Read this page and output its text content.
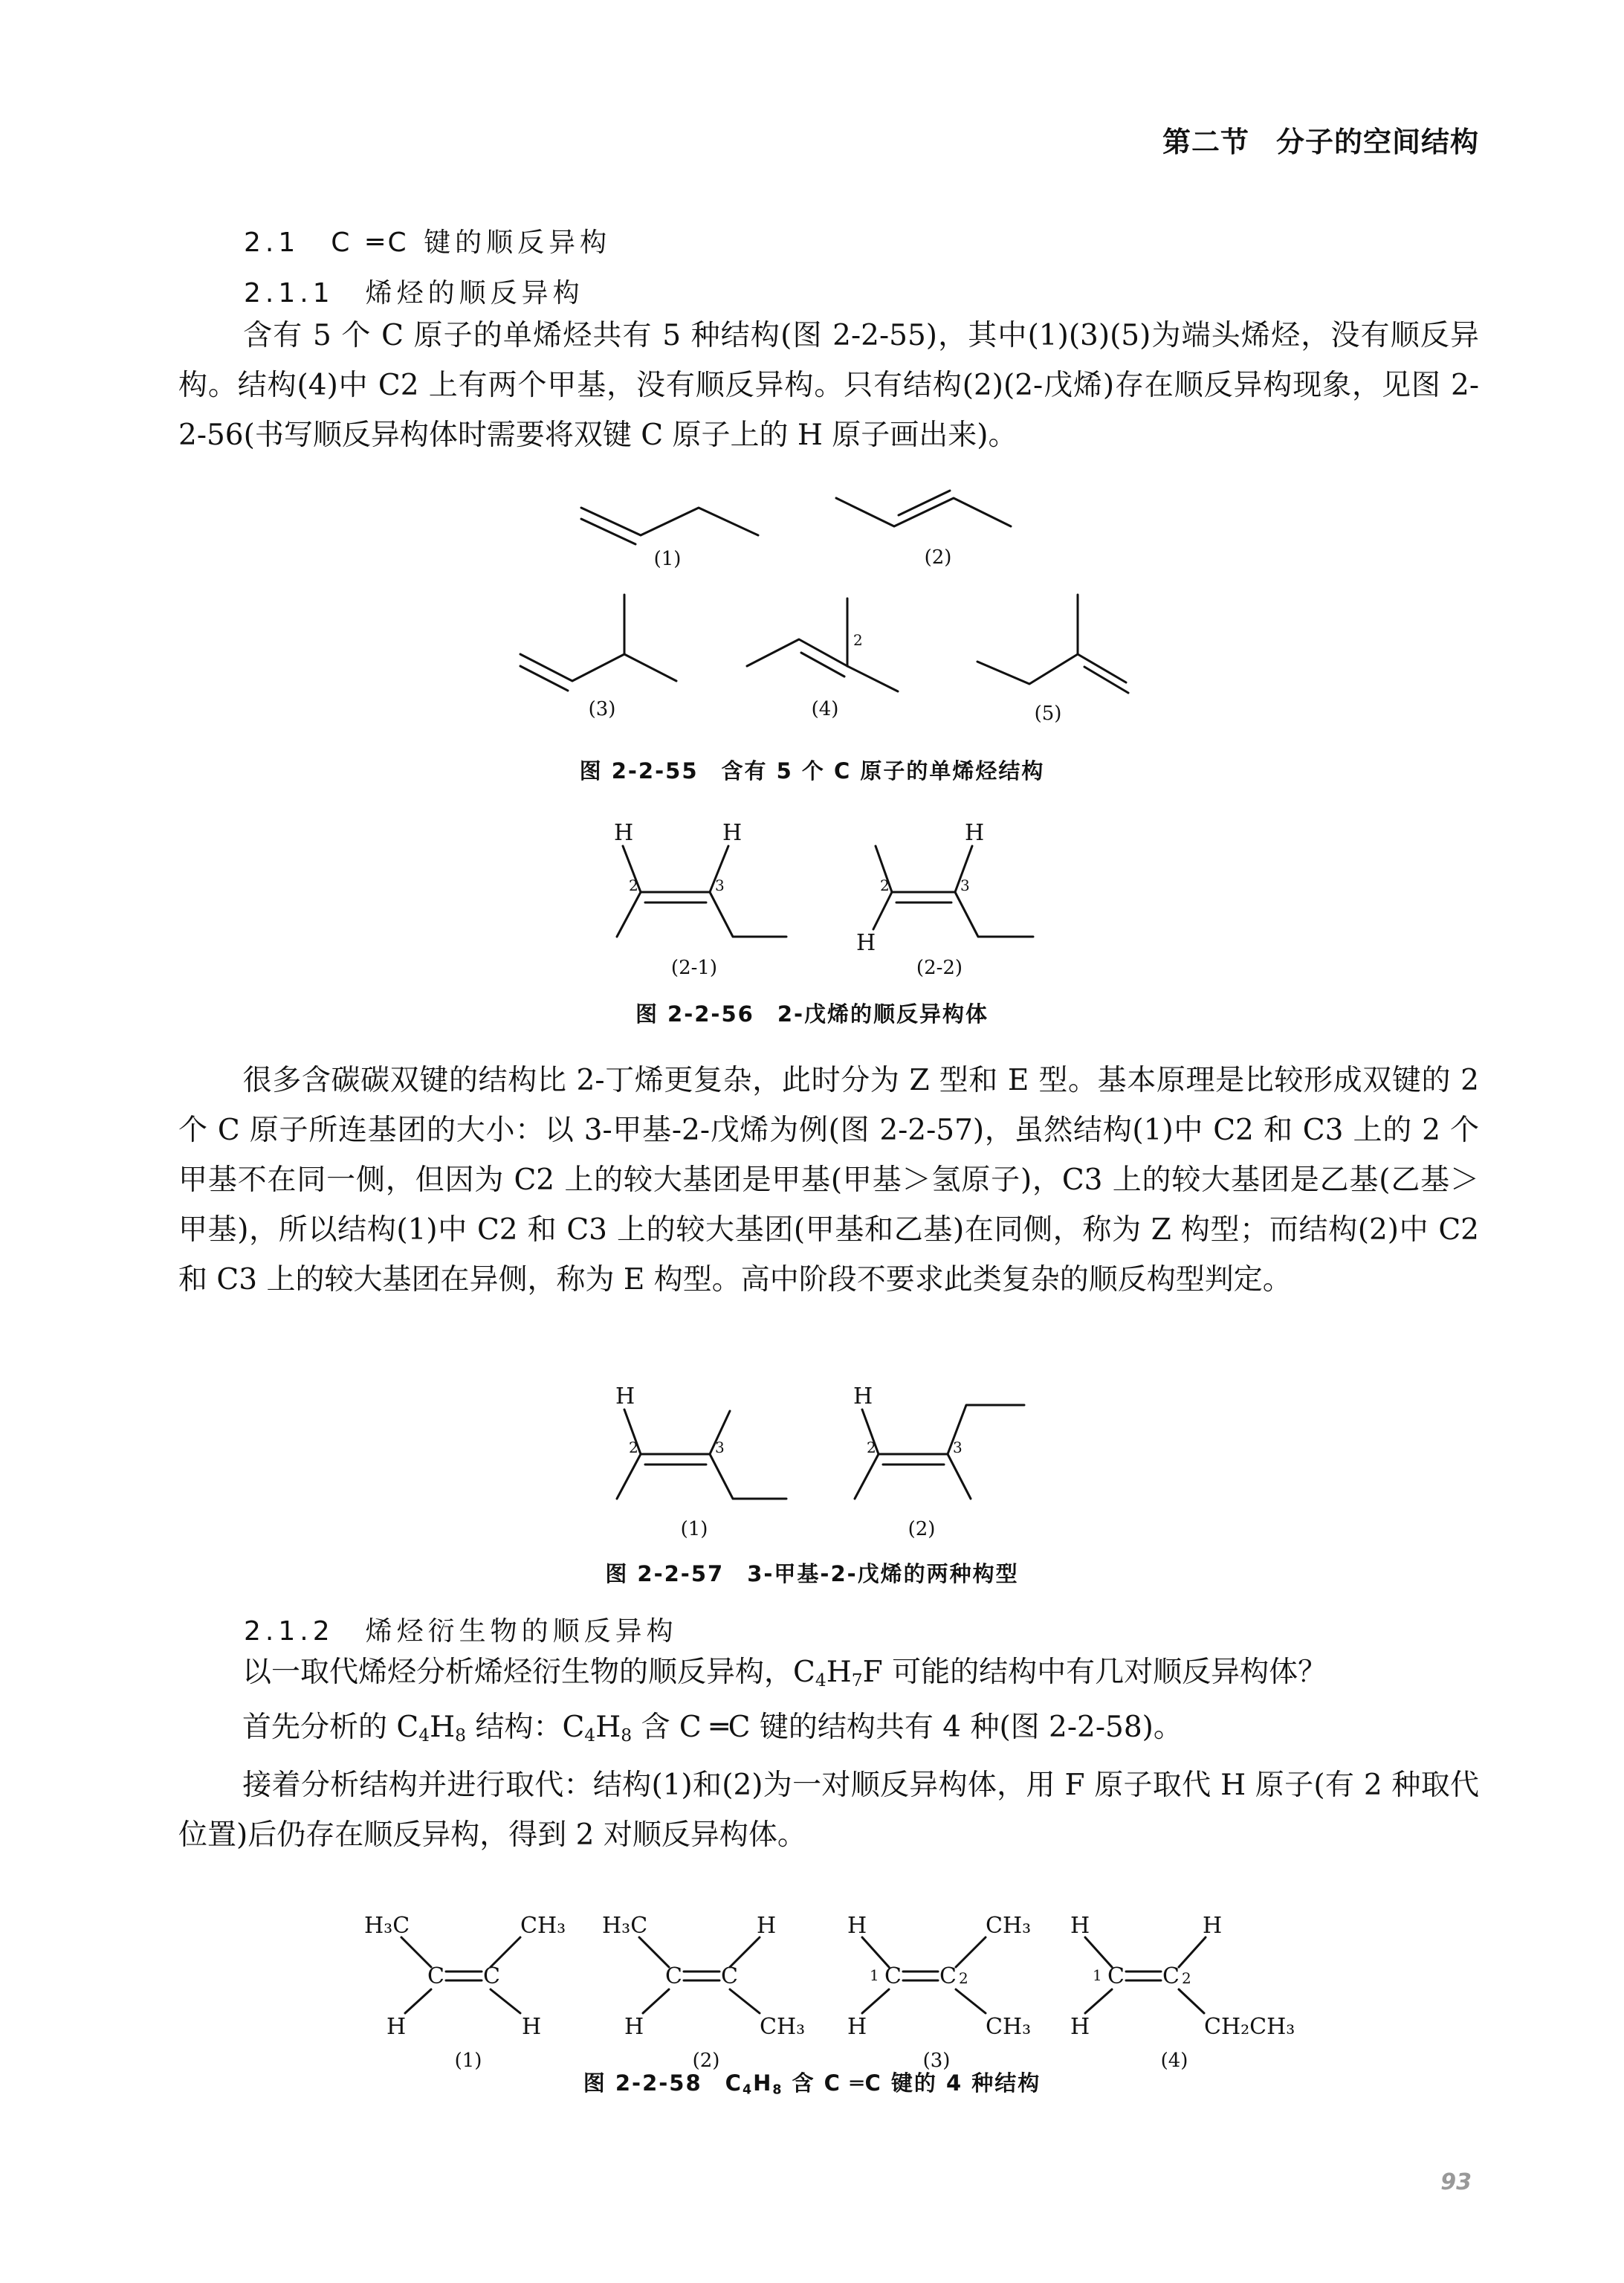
第二节 分子的空间结构
2.1　C ═C 键的顺反异构
2.1.1　烯烃的顺反异构
含有 5 个 C 原子的单烯烃共有 5 种结构(图 2-2-55)，其中(1)(3)(5)为端头烯烃，没有顺反异构。结构(4)中 C2 上有两个甲基，没有顺反异构。只有结构(2)(2-戊烯)存在顺反异构现象，见图 2-2-56(书写顺反异构体时需要将双键 C 原子上的 H 原子画出来)。
2
(1)	(2)
(3)	(4)	(5)
图 2-2-55　含有 5 个 C 原子的单烯烃结构
H	H
2	3
(2-1)
H
H
2	3
(2-2)
图 2-2-56　2-戊烯的顺反异构体
很多含碳碳双键的结构比 2-丁烯更复杂，此时分为 Z 型和 E 型。基本原理是比较形成双键的 2 个 C 原子所连基团的大小：以 3-甲基-2-戊烯为例(图 2-2-57)，虽然结构(1)中 C2 和 C3 上的 2 个甲基不在同一侧，但因为 C2 上的较大基团是甲基(甲基＞氢原子)，C3 上的较大基团是乙基(乙基＞甲基)，所以结构(1)中 C2 和 C3 上的较大基团(甲基和乙基)在同侧，称为 Z 构型；而结构(2)中 C2 和 C3 上的较大基团在异侧，称为 E 构型。高中阶段不要求此类复杂的顺反构型判定。
H
2	3
(1)
H
2	3
(2)
图 2-2-57　3-甲基-2-戊烯的两种构型
2.1.2　烯烃衍生物的顺反异构
以一取代烯烃分析烯烃衍生物的顺反异构，$C_4H_7F$ 可能的结构中有几对顺反异构体？
首先分析的 $C_4H_8$ 结构：$C_4H_8$ 含 C ═C 键的结构共有 4 种(图 2-2-58)。
接着分析结构并进行取代：结构(1)和(2)为一对顺反异构体，用 F 原子取代 H 原子(有 2 种取代位置)后仍存在顺反异构，得到 2 对顺反异构体。
H₃C	CH₃
C C
H	H
(1)
H₃C	H
C C
H	CH₃
(2)
H	CH₃
1 C C 2
H	CH₃
(3)
H	H
1 C C 2
H	CH₂CH₃
(4)
图 2-2-58　$C_4H_8$ 含 C ═C 键的 4 种结构
93
